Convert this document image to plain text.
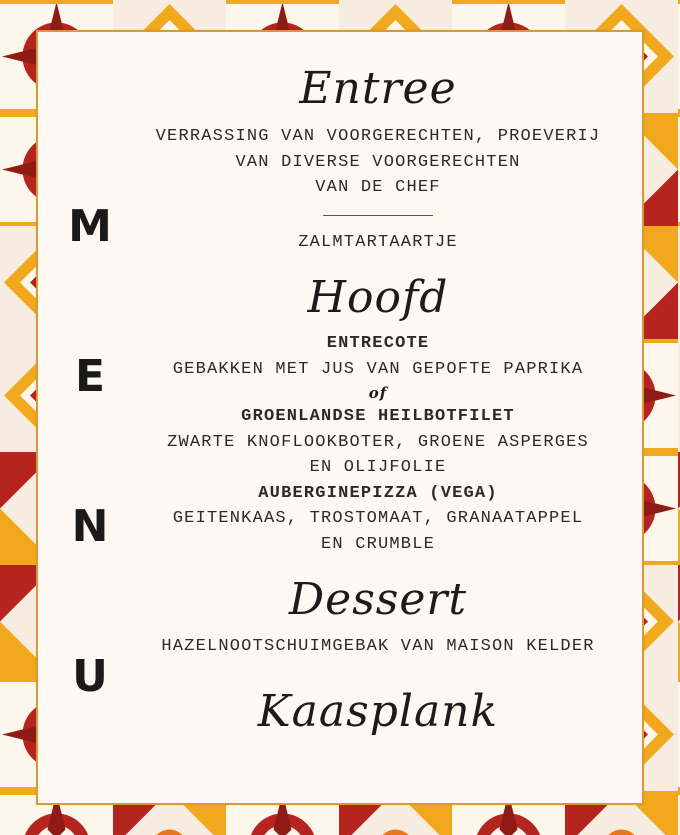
M
E
N
U
Entree

VERRASSING VAN VOORGERECHTEN, PROEVERIJ

VAN DIVERSE VOORGERECHTEN

VAN DE CHEF

ZALMTARTAARTJE

Hoofd

ENTRECOTE

GEBAKKEN MET JUS VAN GEPOFTE PAPRIKA

of

GROENLANDSE HEILBOTFILET

ZWARTE KNOFLOOKBOTER, GROENE ASPERGES

EN OLIJFOLIE

AUBERGINEPIZZA (VEGA)

GEITENKAAS, TROSTOMAAT, GRANAATAPPEL

EN CRUMBLE

Dessert

HAZELNOOTSCHUIMGEBAK VAN MAISON KELDER

Kaasplank
